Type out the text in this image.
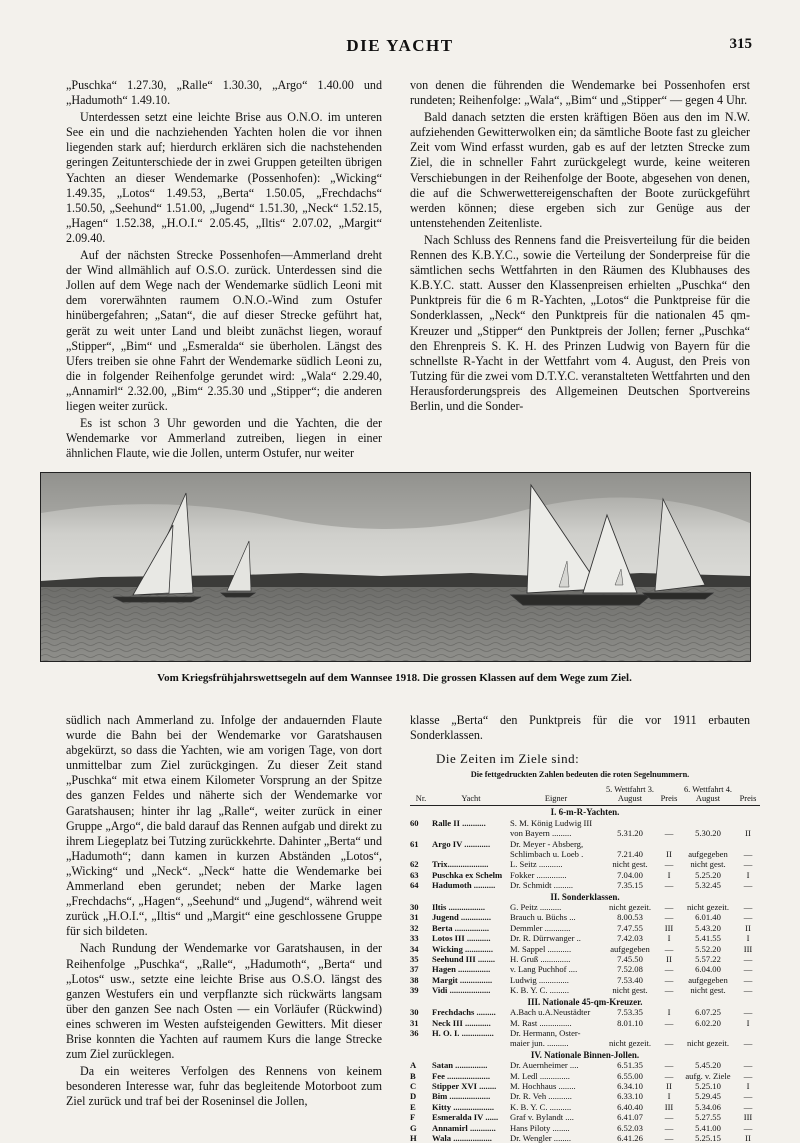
DIE YACHT	315

„Puschka“ 1.27.30, „Ralle“ 1.30.30, „Argo“ 1.40.00 und „Hadumoth“ 1.49.10.

Unterdessen setzt eine leichte Brise aus O.N.O. im unteren See ein und die nachziehenden Yachten holen die vor ihnen liegenden stark auf; hierdurch erklären sich die nachstehenden geringen Zeitunterschiede der in zwei Gruppen geteilten übrigen Yachten an dieser Wendemarke (Possenhofen): „Wicking“ 1.49.35, „Lotos“ 1.49.53, „Berta“ 1.50.05, „Frechdachs“ 1.50.50, „Seehund“ 1.51.00, „Jugend“ 1.51.30, „Neck“ 1.52.15, „Hagen“ 1.52.38, „H.O.I.“ 2.05.45, „Iltis“ 2.07.02, „Margit“ 2.09.40.

Auf der nächsten Strecke Possenhofen—Ammerland dreht der Wind allmählich auf O.S.O. zurück. Unterdessen sind die Jollen auf dem Wege nach der Wendemarke südlich Leoni mit dem vorerwähnten raumem O.N.O.-Wind zum Ostufer hinübergefahren; „Satan“, die auf dieser Strecke geführt hat, gerät zu weit unter Land und bleibt zunächst liegen, worauf „Stipper“, „Bim“ und „Esmeralda“ sie überholen. Längst des Ufers treiben sie ohne Fahrt der Wendemarke südlich Leoni zu, die in folgender Reihenfolge gerundet wird: „Wala“ 2.29.40, „Annamirl“ 2.32.00, „Bim“ 2.35.30 und „Stipper“; die anderen liegen weiter zurück.

Es ist schon 3 Uhr geworden und die Yachten, die der Wendemarke vor Ammerland zutreiben, liegen in einer ähnlichen Flaute, wie die Jollen, unterm Ostufer, nur weiter

von denen die führenden die Wendemarke bei Possenhofen erst rundeten; Reihenfolge: „Wala“, „Bim“ und „Stipper“ — gegen 4 Uhr.

Bald danach setzten die ersten kräftigen Böen aus den im N.W. aufziehenden Gewitterwolken ein; da sämtliche Boote fast zu gleicher Zeit vom Wind erfasst wurden, gab es auf der letzten Strecke zum Ziel, die in schneller Fahrt zurückgelegt wurde, keine weiteren Verschiebungen in der Reihenfolge der Boote, abgesehen von denen, die auf die Schwerwettereigenschaften der Boote zurückgeführt werden können; diese ergeben sich zur Genüge aus der untenstehenden Zeitenliste.

Nach Schluss des Rennens fand die Preisverteilung für die beiden Rennen des K.B.Y.C., sowie die Verteilung der Sonderpreise für die sämtlichen sechs Wettfahrten in den Räumen des Klubhauses des K.B.Y.C. statt. Ausser den Klassenpreisen erhielten „Puschka“ den Punktpreis für die 6 m R-Yachten, „Lotos“ die Punktpreise für die Sonderklassen, „Neck“ den Punktpreis für die nationalen 45 qm-Kreuzer und „Stipper“ den Punktpreis der Jollen; ferner „Puschka“ den Ehrenpreis S. K. H. des Prinzen Ludwig von Bayern für die schnellste R-Yacht in der Wettfahrt vom 4. August, den Preis von Tutzing für die zwei vom D.T.Y.C. veranstalteten Wettfahrten und den Herausforderungspreis des Allgemeinen Deutschen Sportvereins Berlin, und die Sonder-

Vom Kriegsfrühjahrswettsegeln auf dem Wannsee 1918. Die grossen Klassen auf dem Wege zum Ziel.

südlich nach Ammerland zu. Infolge der andauernden Flaute wurde die Bahn bei der Wendemarke vor Garatshausen abgekürzt, so dass die Yachten, wie am vorigen Tage, von dort unmittelbar zum Ziel zurückgingen. Zu dieser Zeit stand „Puschka“ mit etwa einem Kilometer Vorsprung an der Spitze des ganzen Feldes und näherte sich der Wendemarke vor Garatshausen; hinter ihr lag „Ralle“, weiter zurück in einer Gruppe „Argo“, die bald darauf das Rennen aufgab und direkt zu ihrem Liegeplatz bei Tutzing zurückkehrte. Dahinter „Berta“ und „Hadumoth“; dann kamen in kurzen Abständen „Lotos“, „Wicking“ und „Neck“. „Neck“ hatte die Wendemarke bei Ammerland eben gerundet; neben der Marke lagen „Frechdachs“, „Hagen“, „Seehund“ und „Jugend“, während weit zurück „H.O.I.“, „Iltis“ und „Margit“ eine geschlossene Gruppe für sich bildeten.

Nach Rundung der Wendemarke vor Garatshausen, in der Reihenfolge „Puschka“, „Ralle“, „Hadumoth“, „Berta“ und „Lotos“ usw., setzte eine leichte Brise aus O.S.O. längst des ganzen Westufers ein und verpflanzte sich rückwärts langsam über den ganzen See nach Osten — ein Vorläufer (Rückwind) eines schweren im Westen aufsteigenden Gewitters. Mit dieser Brise konnten die Yachten auf raumem Kurs die lange Strecke zum Ziel zurücklegen.

Da ein weiteres Verfolgen des Rennens von keinem besonderen Interesse war, fuhr das begleitende Motorboot zum Ziel zurück und traf bei der Roseninsel die Jollen,

klasse „Berta“ den Punktpreis für die vor 1911 erbauten Sonderklassen.

Die Zeiten im Ziele sind:
Die fettgedruckten Zahlen bedeuten die roten Segelnummern.
Nr.	Yacht	Eigner	5. Wettfahrt 3. August	Preis	6. Wettfahrt 4. August	Preis
I. 6-m-R-Yachten.						
60	Ralle II ...........	S. M. König Ludwig III				
		von Bayern .........	5.31.20	—	5.30.20	II
61	Argo IV ............	Dr. Meyer - Absberg,				
		Schlimbach u. Loeb .	7.21.40	II	aufgegeben	—
62	Trix...................	L. Seitz ...........	nicht gest.	—	nicht gest.	—
63	Puschka ex Schelm	Fokker ..............	7.04.00	I	5.25.20	I
64	Hadumoth ..........	Dr. Schmidt .........	7.35.15	—	5.32.45	—
II. Sonderklassen.						
30	Iltis .................	G. Peitz ..........	nicht gezeit.	—	nicht gezeit.	—
31	Jugend ..............	Brauch u. Büchs ...	8.00.53	—	6.01.40	—
32	Berta ................	Demmler ............	7.47.55	III	5.43.20	II
33	Lotos III ...........	Dr. R. Dürrwanger ..	7.42.03	I	5.41.55	I
34	Wicking .............	M. Sappel ...........	aufgegeben	—	5.52.20	III
35	Seehund III ........	H. Gruß ..............	7.45.50	II	5.57.22	—
37	Hagen ...............	v. Lang Puchhof ....	7.52.08	—	6.04.00	—
38	Margit ...............	Ludwig ..............	7.53.40	—	aufgegeben	—
39	Vidi ...................	K. B. Y. C. .........	nicht gest.	—	nicht gest.	—
III. Nationale 45-qm-Kreuzer.						
30	Frechdachs .........	A.Bach u.A.Neustädter	7.53.35	I	6.07.25	—
31	Neck III ............	M. Rast ...............	8.01.10	—	6.02.20	I
36	H. O. I. ...............	Dr. Hermann, Oster-				
		maier jun. ..........	nicht gezeit.	—	nicht gezeit.	—
IV. Nationale Binnen-Jollen.						
A	Satan ...............	Dr. Auernheimer ....	6.51.35	—	5.45.20	—
B	Fee ....................	M. Ledl ..............	6.55.00	—	aufg. v. Ziele	—
C	Stipper XVI ........	M. Hochhaus ........	6.34.10	II	5.25.10	I
D	Bim ...................	Dr. R. Veh ...........	6.33.10	I	5.29.45	—
E	Kitty ...................	K. B. Y. C. ..........	6.40.40	III	5.34.06	—
F	Esmeralda IV ......	Graf v. Bylandt ....	6.41.07	—	5.27.55	III
G	Annamirl ............	Hans Piloty ........	6.52.03	—	5.41.00	—
H	Wala ..................	Dr. Wengler ........	6.41.26	—	5.25.15	II
